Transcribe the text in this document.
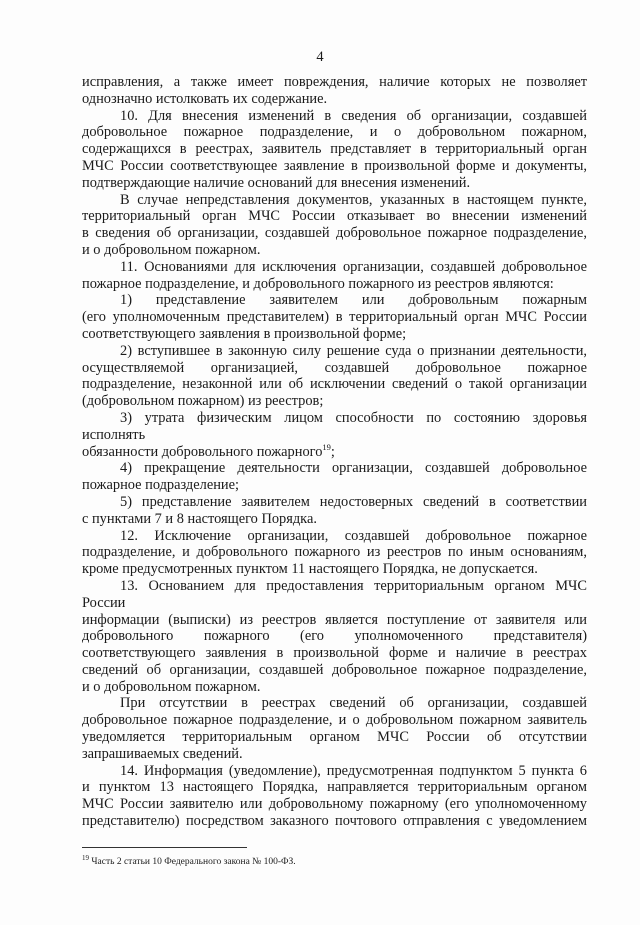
4

исправления, а также имеет повреждения, наличие которых не позволяет

однозначно истолковать их содержание.

10. Для внесения изменений в сведения об организации, создавшей

добровольное пожарное подразделение, и о добровольном пожарном,

содержащихся в реестрах, заявитель представляет в территориальный орган

МЧС России соответствующее заявление в произвольной форме и документы,

подтверждающие наличие оснований для внесения изменений.

В случае непредставления документов, указанных в настоящем пункте,

территориальный орган МЧС России отказывает во внесении изменений

в сведения об организации, создавшей добровольное пожарное подразделение,

и о добровольном пожарном.

11. Основаниями для исключения организации, создавшей добровольное

пожарное подразделение, и добровольного пожарного из реестров являются:

1) представление заявителем или добровольным пожарным

(его уполномоченным представителем) в территориальный орган МЧС России

соответствующего заявления в произвольной форме;

2) вступившее в законную силу решение суда о признании деятельности,

осуществляемой организацией, создавшей добровольное пожарное

подразделение, незаконной или об исключении сведений о такой организации

(добровольном пожарном) из реестров;

3) утрата физическим лицом способности по состоянию здоровья исполнять

обязанности добровольного пожарного$^{19}$;

4) прекращение деятельности организации, создавшей добровольное

пожарное подразделение;

5) представление заявителем недостоверных сведений в соответствии

с пунктами 7 и 8 настоящего Порядка.

12. Исключение организации, создавшей добровольное пожарное

подразделение, и добровольного пожарного из реестров по иным основаниям,

кроме предусмотренных пунктом 11 настоящего Порядка, не допускается.

13. Основанием для предоставления территориальным органом МЧС России

информации (выписки) из реестров является поступление от заявителя или

добровольного пожарного (его уполномоченного представителя)

соответствующего заявления в произвольной форме и наличие в реестрах

сведений об организации, создавшей добровольное пожарное подразделение,

и о добровольном пожарном.

При отсутствии в реестрах сведений об организации, создавшей

добровольное пожарное подразделение, и о добровольном пожарном заявитель

уведомляется территориальным органом МЧС России об отсутствии

запрашиваемых сведений.

14. Информация (уведомление), предусмотренная подпунктом 5 пункта 6

и пунктом 13 настоящего Порядка, направляется территориальным органом

МЧС России заявителю или добровольному пожарному (его уполномоченному

представителю) посредством заказного почтового отправления с уведомлением

$^{19}$ Часть 2 статьи 10 Федерального закона № 100-ФЗ.
